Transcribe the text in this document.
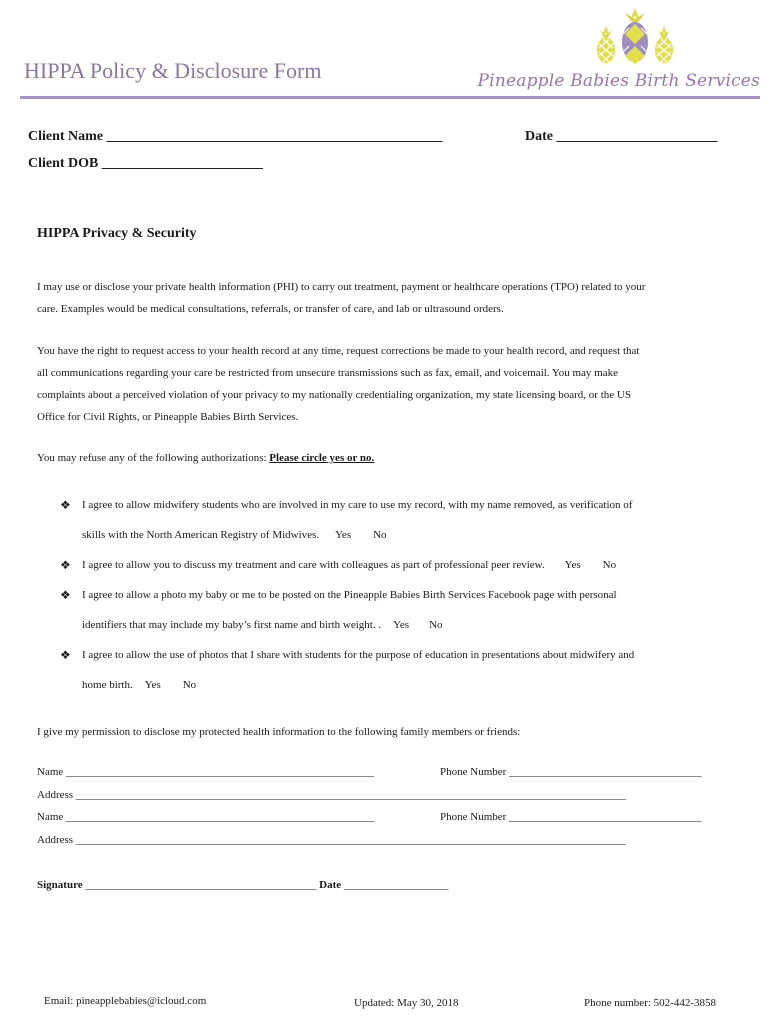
HIPPA Policy & Disclosure Form	Pineapple Babies Birth Services
Client Name ________________________________________________	Date _______________________
Client DOB _______________________
HIPPA Privacy & Security
I may use or disclose your private health information (PHI) to carry out treatment, payment or healthcare operations (TPO) related to your
care. Examples would be medical consultations, referrals, or transfer of care, and lab or ultrasound orders.
You have the right to request access to your health record at any time, request corrections be made to your health record, and request that
all communications regarding your care be restricted from unsecure transmissions such as fax, email, and voicemail. You may make
complaints about a perceived violation of your privacy to my nationally credentialing organization, my state licensing board, or the US
Office for Civil Rights, or Pineapple Babies Birth Services.
You may refuse any of the following authorizations: Please circle yes or no.
❖ I agree to allow midwifery students who are involved in my care to use my record, with my name removed, as verification of
skills with the North American Registry of Midwives. Yes No
❖ I agree to allow you to discuss my treatment and care with colleagues as part of professional peer review. Yes No
❖ I agree to allow a photo my baby or me to be posted on the Pineapple Babies Birth Services Facebook page with personal
identifiers that may include my baby’s first name and birth weight. . Yes No
❖ I agree to allow the use of photos that I share with students for the purpose of education in presentations about midwifery and
home birth. Yes No
I give my permission to disclose my protected health information to the following family members or friends:
Name ________________________________________________________	Phone Number ___________________________________
Address ____________________________________________________________________________________________________
Name ________________________________________________________	Phone Number ___________________________________
Address ____________________________________________________________________________________________________
Signature __________________________________________ Date ___________________
Email: pineapplebabies@icloud.com	Updated: May 30, 2018	Phone number: 502-442-3858
